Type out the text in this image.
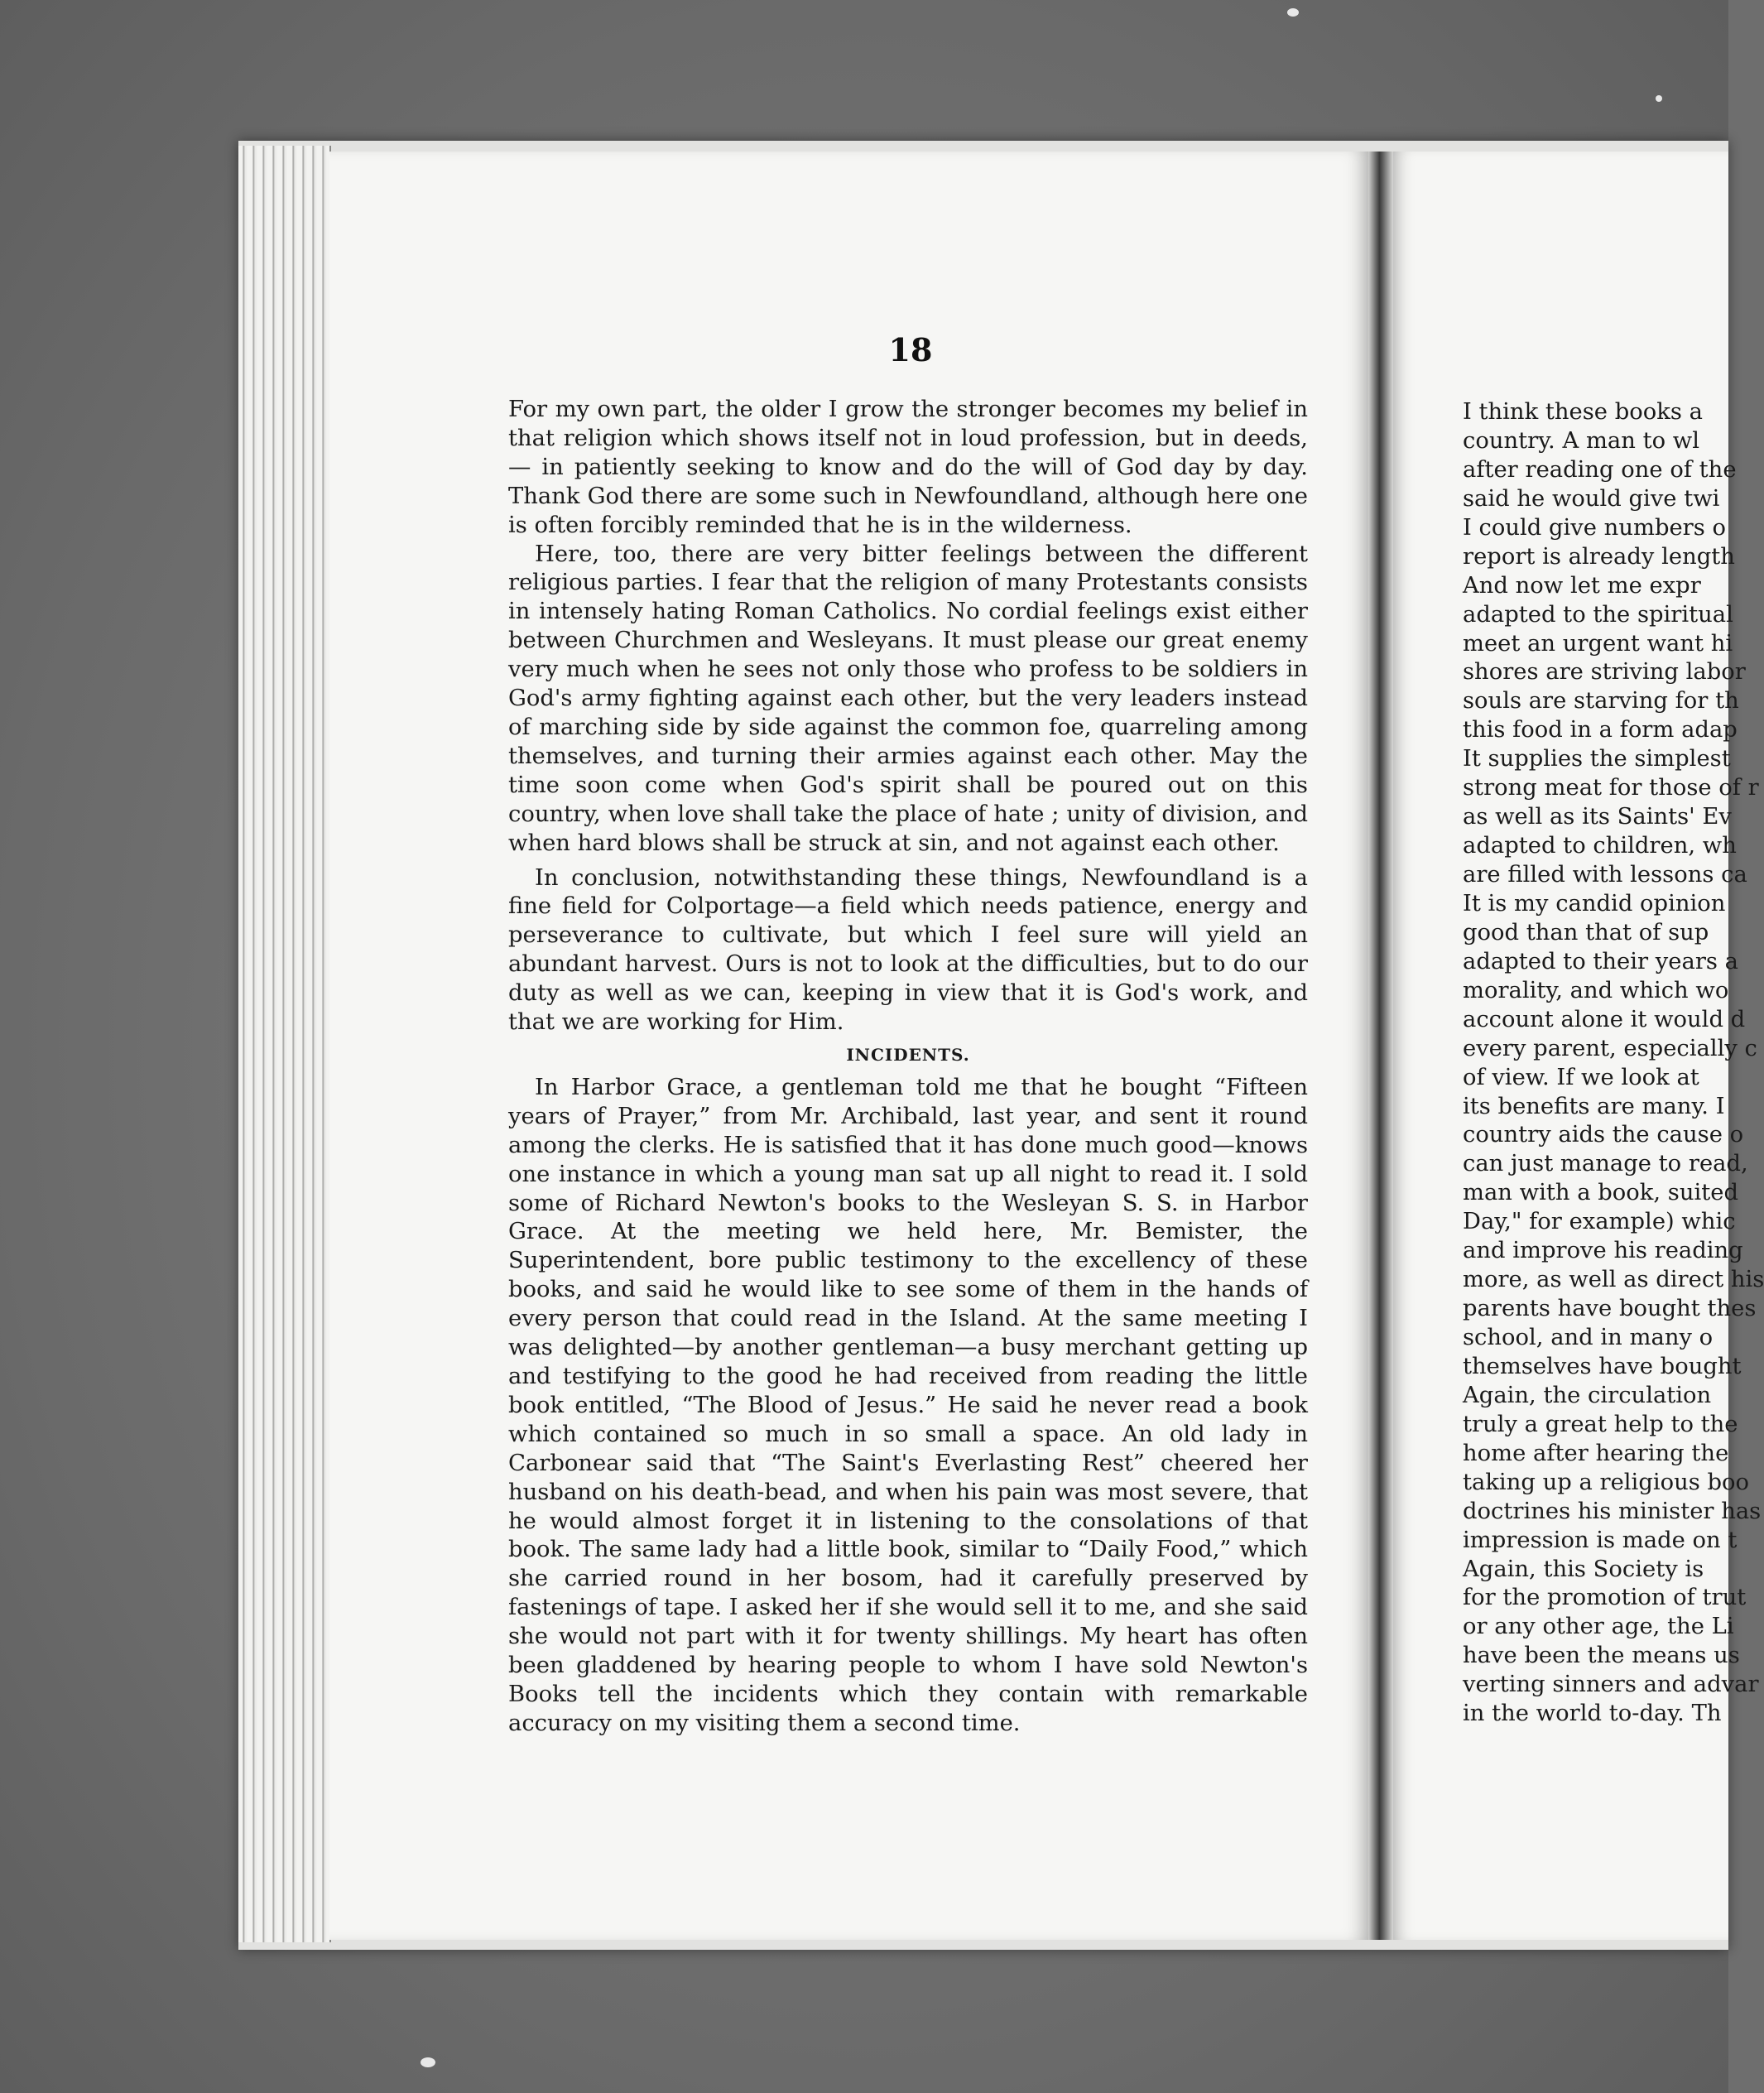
18

For my own part, the older I grow the stronger becomes my belief in that religion which shows itself not in loud profession, but in deeds,— in patiently seeking to know and do the will of God day by day. Thank God there are some such in Newfoundland, although here one is often forcibly reminded that he is in the wilderness.

Here, too, there are very bitter feelings between the different religious parties. I fear that the religion of many Protestants consists in intensely hating Roman Catholics. No cordial feelings exist either between Churchmen and Wesleyans. It must please our great enemy very much when he sees not only those who profess to be soldiers in God's army fighting against each other, but the very leaders instead of marching side by side against the common foe, quarreling among themselves, and turning their armies against each other. May the time soon come when God's spirit shall be poured out on this country, when love shall take the place of hate ; unity of division, and when hard blows shall be struck at sin, and not against each other.

In conclusion, notwithstanding these things, Newfoundland is a fine field for Colportage—a field which needs patience, energy and perseverance to cultivate, but which I feel sure will yield an abundant harvest. Ours is not to look at the difficulties, but to do our duty as well as we can, keeping in view that it is God's work, and that we are working for Him.

INCIDENTS.

In Harbor Grace, a gentleman told me that he bought “Fifteen years of Prayer,” from Mr. Archibald, last year, and sent it round among the clerks. He is satisfied that it has done much good—knows one instance in which a young man sat up all night to read it. I sold some of Richard Newton's books to the Wesleyan S. S. in Harbor Grace. At the meeting we held here, Mr. Bemister, the Superintendent, bore public testimony to the excellency of these books, and said he would like to see some of them in the hands of every person that could read in the Island. At the same meeting I was delighted—by another gentleman—a busy merchant getting up and testifying to the good he had received from reading the little book entitled, “The Blood of Jesus.” He said he never read a book which contained so much in so small a space. An old lady in Carbonear said that “The Saint's Everlasting Rest” cheered her husband on his death-bead, and when his pain was most severe, that he would almost forget it in listening to the consolations of that book. The same lady had a little book, similar to “Daily Food,” which she carried round in her bosom, had it carefully preserved by fastenings of tape. I asked her if she would sell it to me, and she said she would not part with it for twenty shillings. My heart has often been gladdened by hearing people to whom I have sold Newton's Books tell the incidents which they contain with remarkable accuracy on my visiting them a second time.

I think these books a
country. A man to wl
after reading one of the
said he would give twi
I could give numbers o
report is already length
And now let me expr
adapted to the spiritual
meet an urgent want hi
shores are striving labor
souls are starving for th
this food in a form adap
It supplies the simplest
strong meat for those of r
as well as its Saints' Ev
adapted to children, wh
are filled with lessons ca
It is my candid opinion
good than that of sup
adapted to their years a
morality, and which wo
account alone it would d
every parent, especially c
of view. If we look at
its benefits are many. I
country aids the cause o
can just manage to read,
man with a book, suited
Day," for example) whic
and improve his reading
more, as well as direct his
parents have bought thes
school, and in many o
themselves have bought
Again, the circulation
truly a great help to the
home after hearing the
taking up a religious boo
doctrines his minister has
impression is made on t
Again, this Society is
for the promotion of trut
or any other age, the Li
have been the means us
verting sinners and advar
in the world to-day. Th
